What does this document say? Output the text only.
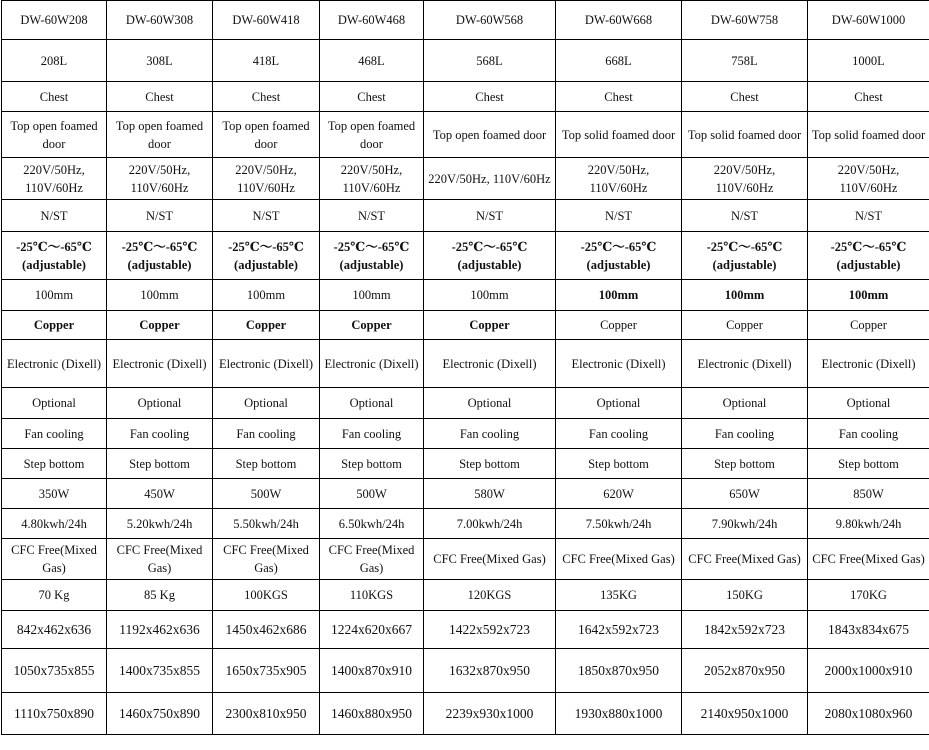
DW-60W208	DW-60W308	DW-60W418	DW-60W468	DW-60W568	DW-60W668	DW-60W758	DW-60W1000
208L	308L	418L	468L	568L	668L	758L	1000L
Chest	Chest	Chest	Chest	Chest	Chest	Chest	Chest
Top open foamed door	Top open foamed door	Top open foamed door	Top open foamed door	Top open foamed door	Top solid foamed door	Top solid foamed door	Top solid foamed door
220V/50Hz, 110V/60Hz	220V/50Hz, 110V/60Hz	220V/50Hz, 110V/60Hz	220V/50Hz, 110V/60Hz	220V/50Hz, 110V/60Hz	220V/50Hz, 110V/60Hz	220V/50Hz, 110V/60Hz	220V/50Hz, 110V/60Hz
N/ST	N/ST	N/ST	N/ST	N/ST	N/ST	N/ST	N/ST
-25℃～-65℃ (adjustable)	-25℃～-65℃ (adjustable)	-25℃～-65℃ (adjustable)	-25℃～-65℃ (adjustable)	-25℃～-65℃ (adjustable)	-25℃～-65℃ (adjustable)	-25℃～-65℃ (adjustable)	-25℃～-65℃ (adjustable)
100mm	100mm	100mm	100mm	100mm	100mm	100mm	100mm
Copper	Copper	Copper	Copper	Copper	Copper	Copper	Copper
Electronic (Dixell)	Electronic (Dixell)	Electronic (Dixell)	Electronic (Dixell)	Electronic (Dixell)	Electronic (Dixell)	Electronic (Dixell)	Electronic (Dixell)
Optional	Optional	Optional	Optional	Optional	Optional	Optional	Optional
Fan cooling	Fan cooling	Fan cooling	Fan cooling	Fan cooling	Fan cooling	Fan cooling	Fan cooling
Step bottom	Step bottom	Step bottom	Step bottom	Step bottom	Step bottom	Step bottom	Step bottom
350W	450W	500W	500W	580W	620W	650W	850W
4.80kwh/24h	5.20kwh/24h	5.50kwh/24h	6.50kwh/24h	7.00kwh/24h	7.50kwh/24h	7.90kwh/24h	9.80kwh/24h
CFC Free(Mixed Gas)	CFC Free(Mixed Gas)	CFC Free(Mixed Gas)	CFC Free(Mixed Gas)	CFC Free(Mixed Gas)	CFC Free(Mixed Gas)	CFC Free(Mixed Gas)	CFC Free(Mixed Gas)
70 Kg	85 Kg	100KGS	110KGS	120KGS	135KG	150KG	170KG
842x462x636	1192x462x636	1450x462x686	1224x620x667	1422x592x723	1642x592x723	1842x592x723	1843x834x675
1050x735x855	1400x735x855	1650x735x905	1400x870x910	1632x870x950	1850x870x950	2052x870x950	2000x1000x910
1110x750x890	1460x750x890	2300x810x950	1460x880x950	2239x930x1000	1930x880x1000	2140x950x1000	2080x1080x960
